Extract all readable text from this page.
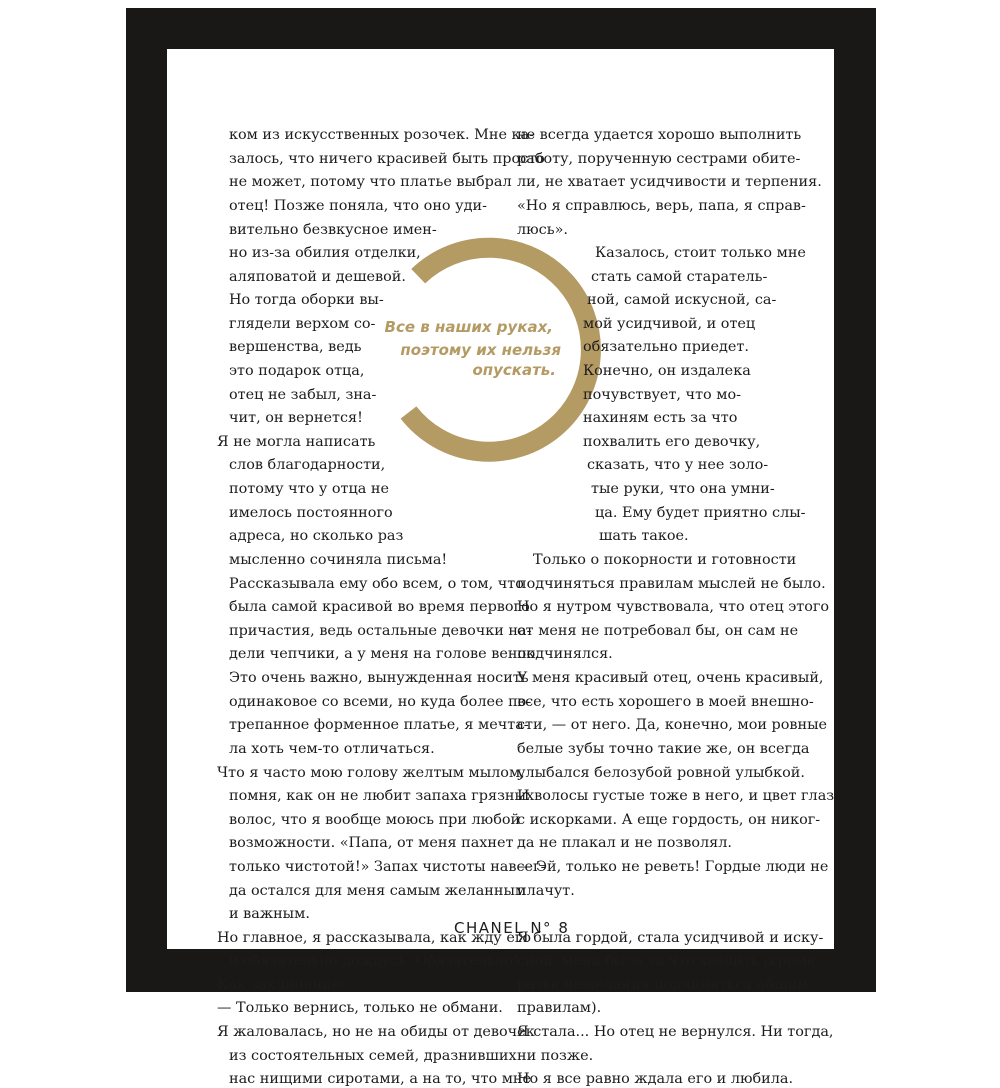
ком из искусственных розочек. Мне ка-
залось, что ничего красивей быть просто
не может, потому что платье выбрал
отец! Позже поняла, что оно уди-
вительно безвкусное имен-
но из-за обилия отделки,
аляповатой и дешевой.
Но тогда оборки вы-
глядели верхом со-
вершенства, ведь
это подарок отца,
отец не забыл, зна-
чит, он вернется!
Я не могла написать
слов благодарности,
потому что у отца не
имелось постоянного
адреса, но сколько раз
мысленно сочиняла письма!
Рассказывала ему обо всем, о том, что
была самой красивой во время первого
причастия, ведь остальные девочки на-
дели чепчики, а у меня на голове венок.
Это очень важно, вынужденная носить
одинаковое со всеми, но куда более по-
трепанное форменное платье, я мечта-
ла хоть чем-то отличаться.
Что я часто мою голову желтым мылом,
помня, как он не любит запаха грязных
волос, что я вообще моюсь при любой
возможности. «Папа, от меня пахнет
только чистотой!» Запах чистоты навсег-
да остался для меня самым желанным
и важным.
Но главное, я рассказывала, как жду его
и обязательно дождусь. Обязательно!
Как заклинание:
— Только вернись, только не обмани.
Я жаловалась, но не на обиды от девочек
из состоятельных семей, дразнивших
нас нищими сиротами, а на то, что мне
не всегда удается хорошо выполнить
работу, порученную сестрами обите-
ли, не хватает усидчивости и терпения.
«Но я справлюсь, верь, папа, я справ-
люсь».
Казалось, стоит только мне
стать самой старатель-
ной, самой искусной, са-
мой усидчивой, и отец
обязательно приедет.
Конечно, он издалека
почувствует, что мо-
нахиням есть за что
похвалить его девочку,
сказать, что у нее золо-
тые руки, что она умни-
ца. Ему будет приятно слы-
шать такое.
Только о покорности и готовности
подчиняться правилам мыслей не было.
Но я нутром чувствовала, что отец этого
от меня не потребовал бы, он сам не
подчинялся.
У меня красивый отец, очень красивый,
все, что есть хорошего в моей внешно-
сти, — от него. Да, конечно, мои ровные
белые зубы точно такие же, он всегда
улыбался белозубой ровной улыбкой.
И волосы густые тоже в него, и цвет глаз
с искорками. А еще гордость, он никог-
да не плакал и не позволял.
— Эй, только не реветь! Гордые люди не
плачут.
Я была гордой, стала усидчивой и иску-
сной, меня было за что хвалить (кроме
разве нежелания подчиняться общим
правилам).
Я стала... Но отец не вернулся. Ни тогда,
ни позже.
Но я все равно ждала его и любила.
Все в наших руках,
поэтому их нельзя
опускать.
CHANEL N° 8
